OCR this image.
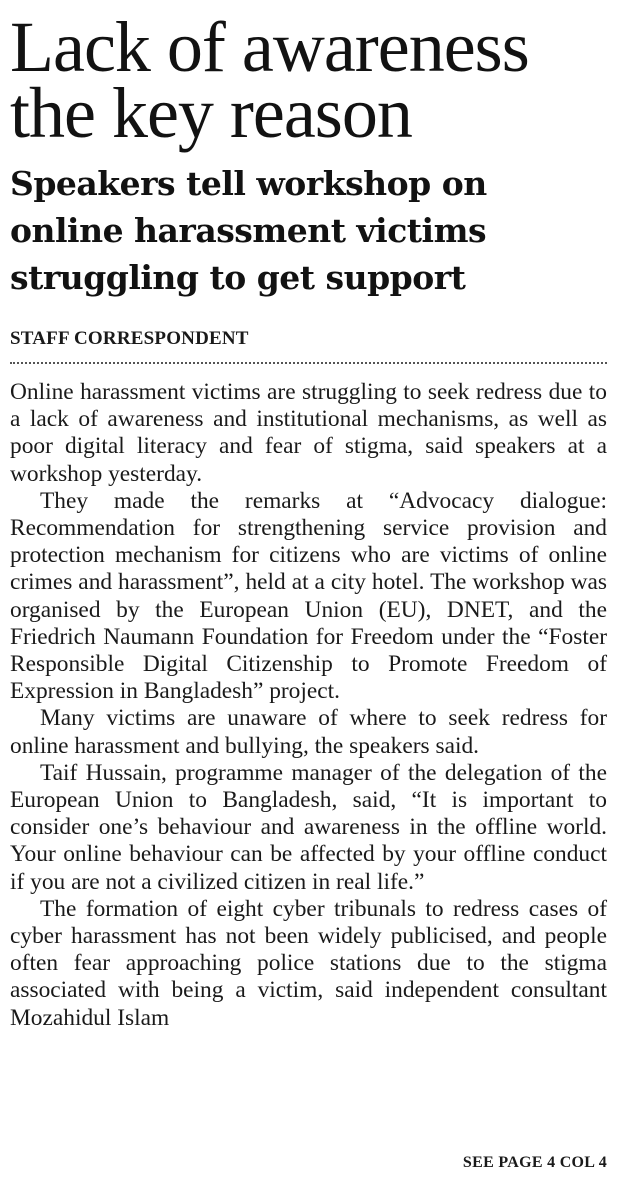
Lack of awareness
the key reason
Speakers tell workshop on
online harassment victims
struggling to get support
STAFF CORRESPONDENT

Online harassment victims are struggling to seek redress due to a lack of awareness and institutional mechanisms, as well as poor digital literacy and fear of stigma, said speakers at a workshop yesterday.

They made the remarks at “Advocacy dialogue: Recommendation for strengthening service provision and protection mechanism for citizens who are victims of online crimes and harassment”, held at a city hotel. The workshop was organised by the European Union (EU), DNET, and the Friedrich Naumann Foundation for Freedom under the “Foster Responsible Digital Citizenship to Promote Freedom of Expression in Bangladesh” project.

Many victims are unaware of where to seek redress for online harassment and bullying, the speakers said.

Taif Hussain, programme manager of the delegation of the European Union to Bangladesh, said, “It is important to consider one’s behaviour and awareness in the offline world. Your online behaviour can be affected by your offline conduct if you are not a civilized citizen in real life.”

The formation of eight cyber tribunals to redress cases of cyber harassment has not been widely publicised, and people often fear approaching police stations due to the stigma associated with being a victim, said independent consultant Mozahidul Islam

SEE PAGE 4 COL 4
